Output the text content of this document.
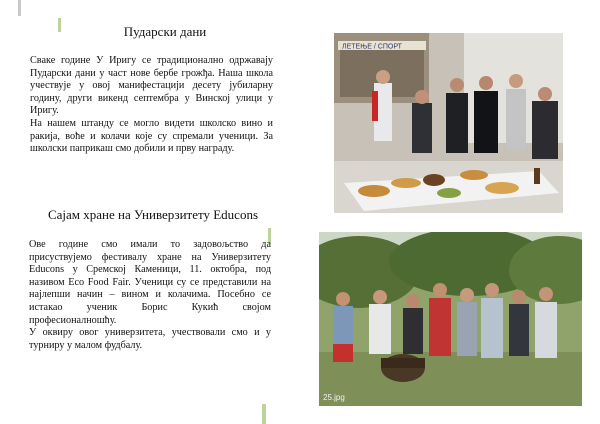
Пударски дани

Сваке године У Иригу се традиционално одржавају Пударски дани у част нове бербе грожђа. Наша школа учествује у овој манифестацији десету јубиларну годину, други викенд септембра у Винској улици у Иригу.

На нашем штанду се могло видети школско вино и ракија, воће и колачи које су спремали ученици. За школски паприкаш смо добили и прву награду.

ЛЕТЕЊЕ / СПОРТ
Сајам хране на Универзитету Educons

Ове године смо имали то задовољство да присуствујемо фестивалу хране на Универзитету Educons у Сремској Каменици, 11. октобра, под називом Eco Food Fair. Ученици су се представили на најлепши начин – вином и колачима. Посебно се истакао ученик Борис Кукић својом професионалношћу.

У оквиру овог универзитета, учествовали смо и у турниру у малом фудбалу.

25.jpg
